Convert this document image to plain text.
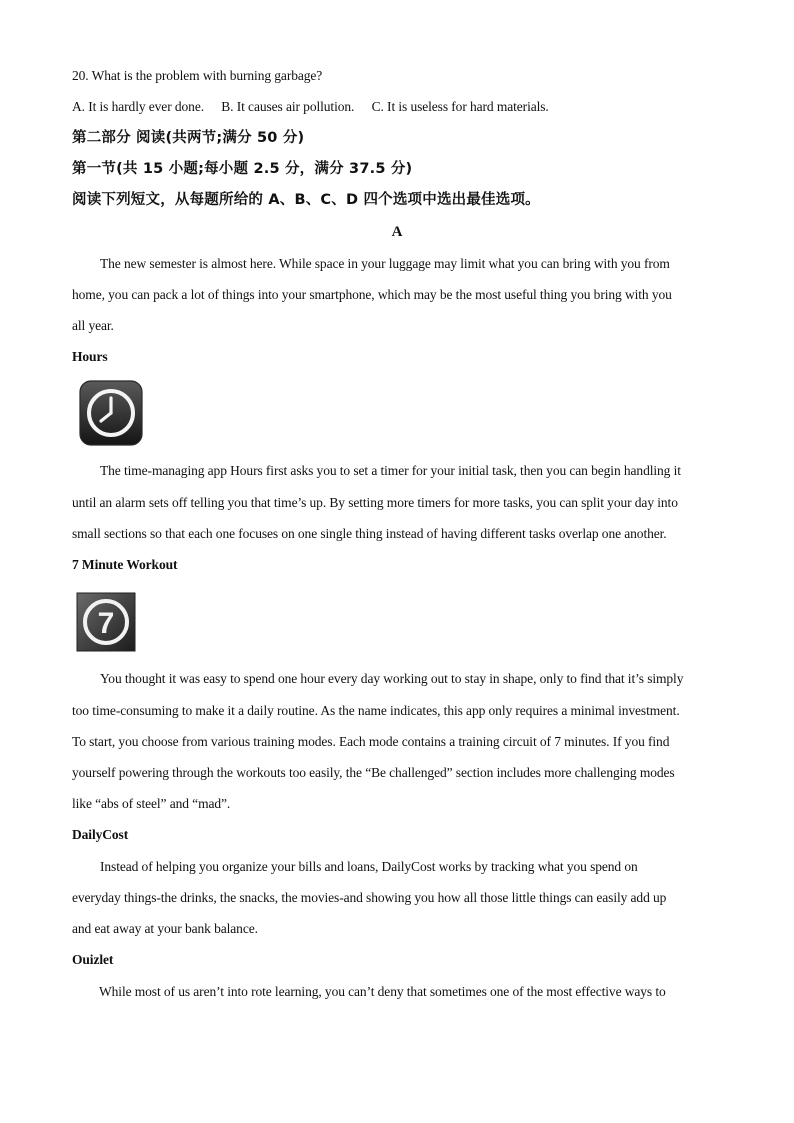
20. What is the problem with burning garbage?
A. It is hardly ever done. B. It causes air pollution. C. It is useless for hard materials.
第二部分 阅读(共两节;满分 50 分)
第一节(共 15 小题;每小题 2.5 分，满分 37.5 分)
阅读下列短文，从每题所给的 A、B、C、D 四个选项中选出最佳选项。
A
The new semester is almost here. While space in your luggage may limit what you can bring with you from
home, you can pack a lot of things into your smartphone, which may be the most useful thing you bring with you
all year.
Hours
The time-managing app Hours first asks you to set a timer for your initial task, then you can begin handling it
until an alarm sets off telling you that time’s up. By setting more timers for more tasks, you can split your day into
small sections so that each one focuses on one single thing instead of having different tasks overlap one another.
7 Minute Workout
7
You thought it was easy to spend one hour every day working out to stay in shape, only to find that it’s simply
too time-consuming to make it a daily routine. As the name indicates, this app only requires a minimal investment.
To start, you choose from various training modes. Each mode contains a training circuit of 7 minutes. If you find
yourself powering through the workouts too easily, the “Be challenged” section includes more challenging modes
like “abs of steel” and “mad”.
DailyCost
Instead of helping you organize your bills and loans, DailyCost works by tracking what you spend on
everyday things-the drinks, the snacks, the movies-and showing you how all those little things can easily add up
and eat away at your bank balance.
Ouizlet
While most of us aren’t into rote learning, you can’t deny that sometimes one of the most effective ways to
